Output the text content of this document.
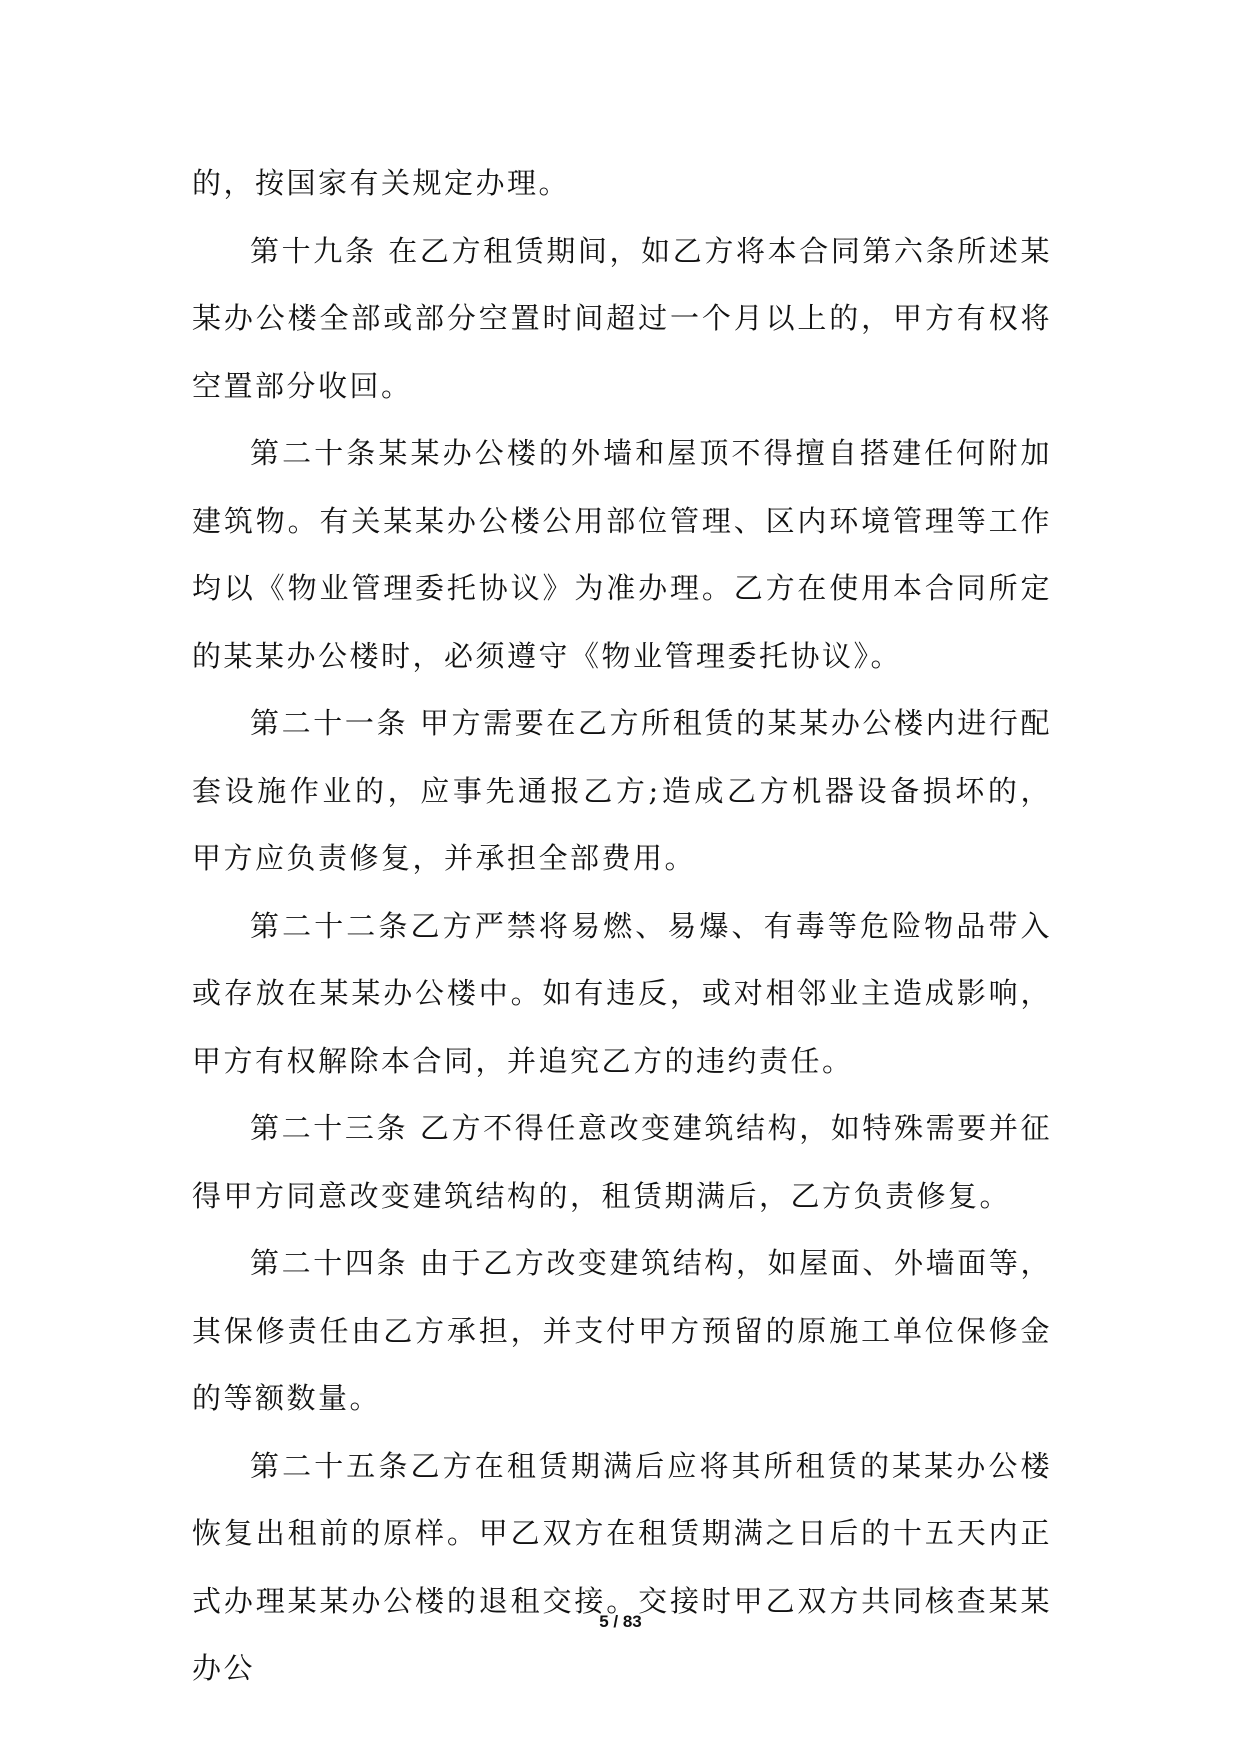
的，按国家有关规定办理。

第十九条 在乙方租赁期间，如乙方将本合同第六条所述某某办公楼全部或部分空置时间超过一个月以上的，甲方有权将空置部分收回。

第二十条某某办公楼的外墙和屋顶不得擅自搭建任何附加建筑物。有关某某办公楼公用部位管理、区内环境管理等工作均以《物业管理委托协议》为准办理。乙方在使用本合同所定的某某办公楼时，必须遵守《物业管理委托协议》。

第二十一条 甲方需要在乙方所租赁的某某办公楼内进行配套设施作业的，应事先通报乙方;造成乙方机器设备损坏的，甲方应负责修复，并承担全部费用。

第二十二条乙方严禁将易燃、易爆、有毒等危险物品带入或存放在某某办公楼中。如有违反，或对相邻业主造成影响，甲方有权解除本合同，并追究乙方的违约责任。

第二十三条 乙方不得任意改变建筑结构，如特殊需要并征得甲方同意改变建筑结构的，租赁期满后，乙方负责修复。

第二十四条 由于乙方改变建筑结构，如屋面、外墙面等，其保修责任由乙方承担，并支付甲方预留的原施工单位保修金的等额数量。

第二十五条乙方在租赁期满后应将其所租赁的某某办公楼恢复出租前的原样。甲乙双方在租赁期满之日后的十五天内正式办理某某办公楼的退租交接。交接时甲乙双方共同核查某某办公

5 / 83
